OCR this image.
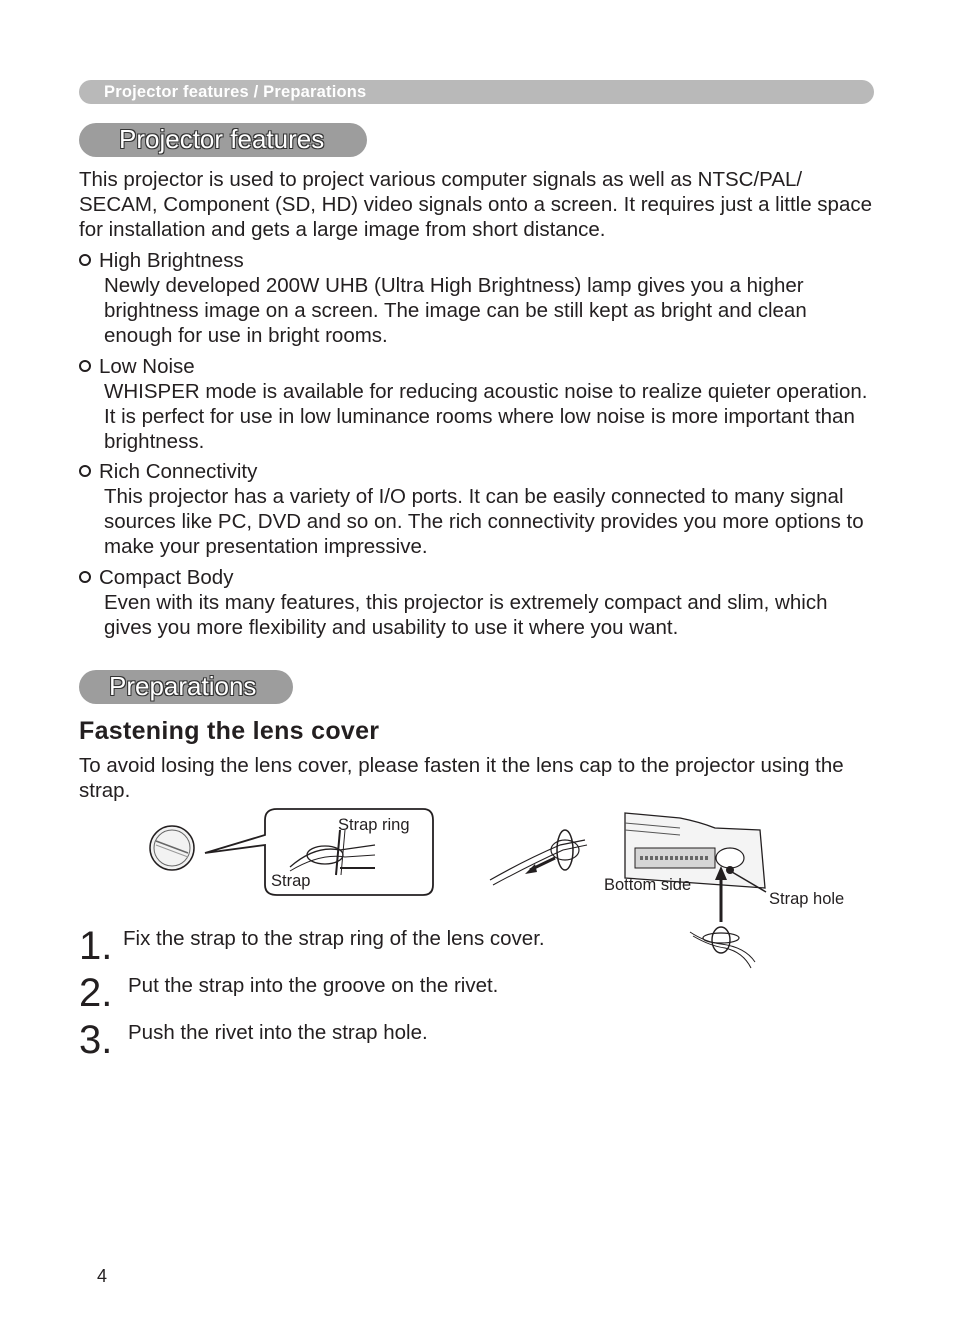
Projector features / Preparations
Projector features
This projector is used to project various computer signals as well as NTSC/PAL/ SECAM, Component (SD, HD) video signals onto a screen. It requires just a little space for installation and gets a large image from short distance.
High Brightness
Newly developed 200W UHB (Ultra High Brightness) lamp gives you a higher brightness image on a screen. The image can be still kept as bright and clean enough for use in bright rooms.
Low Noise
WHISPER mode is available for reducing acoustic noise to realize quieter operation. It is perfect for use in low luminance rooms where low noise is more important than brightness.
Rich Connectivity
This projector has a variety of I/O ports. It can be easily connected to many signal sources like PC, DVD and so on. The rich connectivity provides you more options to make your presentation impressive.
Compact Body
Even with its many features, this projector is extremely compact and slim, which gives you more flexibility and usability to use it where you want.
Preparations
Fastening the lens cover
To avoid losing the lens cover, please fasten it the lens cap to the projector using the strap.
Strap ring
Strap	Bottom side
Strap hole
1. Fix the strap to the strap ring of the lens cover.
2. Put the strap into the groove on the rivet.
3. Push the rivet into the strap hole.
4
